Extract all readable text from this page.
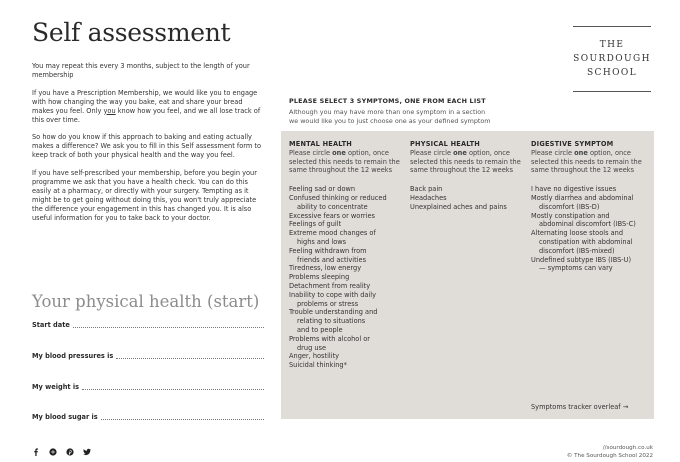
Self assessment

You may repeat this every 3 months, subject to the length of your membership

If you have a Prescription Membership, we would like you to engage with how changing the way you bake, eat and share your bread makes you feel. Only you know how you feel, and we all lose track of this over time.

So how do you know if this approach to baking and eating actually makes a difference? We ask you to fill in this Self assessment form to keep track of both your physical health and the way you feel.

If you have self-prescribed your membership, before you begin your programme we ask that you have a health check. You can do this easily at a pharmacy, or directly with your surgery. Tempting as it might be to get going without doing this, you won't truly appreciate the difference your engagement in this has changed you. It is also useful information for you to take back to your doctor.

Your physical health (start)
Start date
My blood pressures is
My weight is
My blood sugar is
THE
SOURDOUGH
SCHOOL
PLEASE SELECT 3 SYMPTOMS, ONE FROM EACH LIST
Although you may have more than one symptom in a section
we would like you to just choose one as your defined symptom
MENTAL HEALTH
Please circle one option, once
selected this needs to remain the
same throughout the 12 weeks
Feeling sad or down
Confused thinking or reduced
ability to concentrate
Excessive fears or worries
Feelings of guilt
Extreme mood changes of
highs and lows
Feeling withdrawn from
friends and activities
Tiredness, low energy
Problems sleeping
Detachment from reality
Inability to cope with daily
problems or stress
Trouble understanding and
relating to situations
and to people
Problems with alcohol or
drug use
Anger, hostility
Suicidal thinking*
PHYSICAL HEALTH
Please circle one option, once
selected this needs to remain the
same throughout the 12 weeks
Back pain
Headaches
Unexplained aches and pains
DIGESTIVE SYMPTOM
Please circle one option, once
selected this needs to remain the
same throughout the 12 weeks
I have no digestive issues
Mostly diarrhea and abdominal
discomfort (IBS-D)
Mostly constipation and
abdominal discomfort (IBS-C)
Alternating loose stools and
constipation with abdominal
discomfort (IBS-mixed)
Undefined subtype IBS (IBS-U)
— symptoms can vary
Symptoms tracker overleaf →
//sourdough.co.uk
© The Sourdough School 2022
